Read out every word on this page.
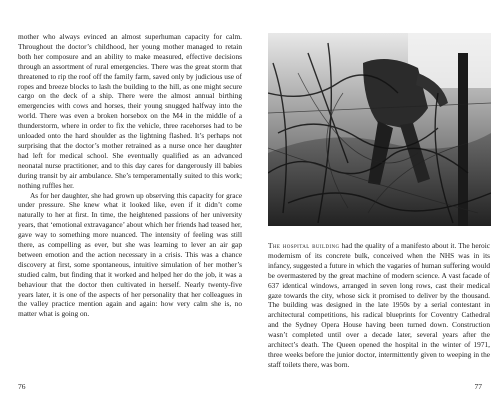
mother who always evinced an almost superhuman capacity for calm. Throughout the doctor’s childhood, her young mother managed to retain both her composure and an ability to make measured, effective decisions through an assortment of rural emergencies. There was the great storm that threatened to rip the roof off the family farm, saved only by judicious use of ropes and breeze blocks to lash the building to the hill, as one might secure cargo on the deck of a ship. There were the almost annual birthing emergencies with cows and horses, their young snugged halfway into the world. There was even a broken horsebox on the M4 in the middle of a thunderstorm, where in order to fix the vehicle, three racehorses had to be unloaded onto the hard shoulder as the lightning flashed. It’s perhaps not surprising that the doctor’s mother retrained as a nurse once her daughter had left for medical school. She eventually qualified as an advanced neonatal nurse practitioner, and to this day cares for dangerously ill babies during transit by air ambulance. She’s temperamentally suited to this work; nothing ruffles her.

As for her daughter, she had grown up observing this capacity for grace under pressure. She knew what it looked like, even if it didn’t come naturally to her at first. In time, the heightened passions of her university years, that ‘emotional extravagance’ about which her friends had teased her, gave way to something more nuanced. The intensity of feeling was still there, as compelling as ever, but she was learning to lever an air gap between emotion and the action necessary in a crisis. This was a chance discovery at first, some spontaneous, intuitive simulation of her mother’s studied calm, but finding that it worked and helped her do the job, it was a behaviour that the doctor then cultivated in herself. Nearly twenty-five years later, it is one of the aspects of her personality that her colleagues in the valley practice mention again and again: how very calm she is, no matter what is going on.

76

The hospital building had the quality of a manifesto about it. The heroic modernism of its concrete bulk, conceived when the NHS was in its infancy, suggested a future in which the vagaries of human suffering would be overmastered by the great machine of modern science. A vast facade of 637 identical windows, arranged in seven long rows, cast their medical gaze towards the city, whose sick it promised to deliver by the thousand. The building was designed in the late 1950s by a serial contestant in architectural competitions, his radical blueprints for Coventry Cathedral and the Sydney Opera House having been turned down. Construction wasn’t completed until over a decade later, several years after the architect’s death. The Queen opened the hospital in the winter of 1971, three weeks before the junior doctor, intermittently given to weeping in the staff toilets there, was born.

77
